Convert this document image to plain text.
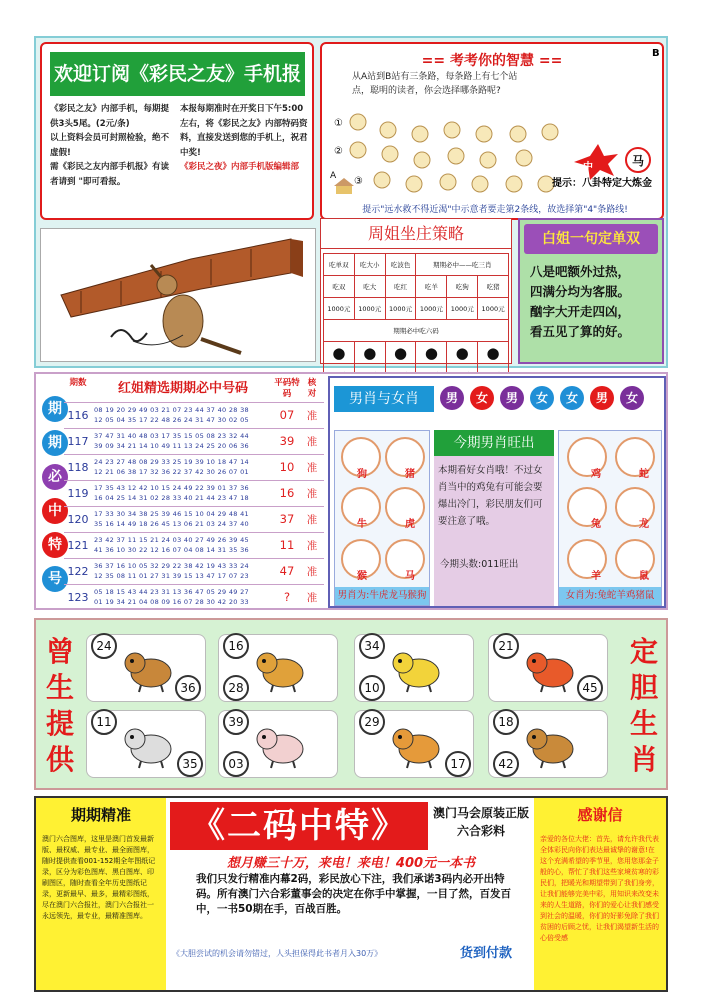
欢迎订阅《彩民之友》手机报
《彩民之友》内部手机，每期提供3头5尾。(2元/条)
以上资料会员可封照检验，绝不虚假!
需《彩民之友内部手机报》有读者请到 "即可看报。
本报每期准时在开奖日下午5:00左右，将《彩民之友》内部特码资料，直接发送到您的手机上，祝君中奖!
《彩民之夜》内部手机版编辑部
== 考考你的智慧 ==	B
从A站到B站有三条路，每条路上有七个站点，聪明的读者，你会选择哪条路呢?
中	马
A
①
②
③	提示：八卦特定大炼金
提示"远水救不得近渴"中示意者要走第2条线，故选择第"4"条路线!
周姐坐庄策略
吃单双	吃大小	吃波色	期期必中——吃三肖		
吃双	吃大	吃红	吃羊	吃狗	吃猪
1000元	1000元	1000元	1000元	1000元	1000元
期期必中吃六码					
●	●	●	●	●	●

白姐一句定单双
八是吧额外过热，
四满分均为客服。
酗字大开走四凶，
看五见了算的好。
期
期
必
中
特
号
期数	红姐精选期期必中号码	平码特码
核对	男肖与女肖	男	女	男	女	女	男	女
狗	猪
牛	虎
猴	马
男肖为:牛虎龙马猴狗
今期男肖旺出
本期看好女肖哦！不过女肖当中的鸡兔有可能会要爆出冷门，彩民朋友们可要注意了哦。
今期头数:011旺出
鸡	蛇
兔	龙
羊	鼠
女肖为:兔蛇羊鸡猪鼠
116 08 19 20 29 49 03 21 07 23 44 37 40 28 38
12 05 04 35 17 22 48 26 24 31 47 30 02 05	07	准
117 37 47 31 40 48 03 17 35 15 05 08 23 32 44
39 09 34 21 14 10 49 11 13 24 25 20 06 36	39	准
118 24 23 27 48 08 29 33 25 19 39 10 18 47 14
12 21 06 38 17 32 36 22 37 42 30 26 07 01	10	准
119 17 35 43 12 42 10 15 24 49 22 39 01 37 36
16 04 25 14 31 02 28 33 40 21 44 23 47 18	16	准
120 17 33 30 34 38 25 39 46 15 10 04 29 48 41
35 16 14 49 18 26 45 13 06 21 03 24 37 40	37	准
121 23 42 37 11 15 21 24 03 40 27 49 26 39 45
41 36 10 30 22 12 16 07 04 08 14 31 35 36	11	准
122 36 37 16 10 05 32 29 22 38 42 19 43 33 24
12 35 08 11 01 27 31 39 15 13 47 17 07 23	47	准
123 05 18 15 43 44 23 31 13 36 47 05 29 49 27
01 19 34 21 04 08 09 16 07 28 30 42 20 33	?	准
曾
生
提
供
定
胆
生
肖
24
36
16
28
34
10
21
45
11
35
39
03
29
17
18
42
期期精准
澳门六合图库，这里是澳门首发最新版、最权威、最专业、最全面图库，随时提供查看001-152期全年图纸记录，区分为彩色图库、黑白图库、印刷图区，随时查看全年历史图纸记录，更新最早、最多，最精彩图纸，尽在澳门六合报社，澳门六合报社一永远领先，最专业，最精准图库。
《二码中特》	澳门马会原装正版六合彩料
想月赚三十万，来电！来电！400元一本书
我们只发行精准内幕2码，彩民放心下注，我们承诺3码内必开出特码。所有澳门六合彩董事会的决定在你手中掌握，一目了然，百发百中，一书50期在手，百战百胜。
《大胆尝试的机会请勿错过，人头担保得此书者月入30万》	货到付款
感谢信
亲爱的各位大佬：首先，请允许我代表全体彩民向你们表达最诚挚的谢意!在这个充满希望的季节里，您用您那金子般的心，帮忙了我们这些家境贫寒的彩民们，把暖光和期望带到了我们身旁，让我们能够完美中彩，用知识来改变未来的人生道路，你们的爱心让我们感受到社会的温暖，你们的好影免除了我们贫困的后顾之忧，让我们渴望新生活的心倍受感
